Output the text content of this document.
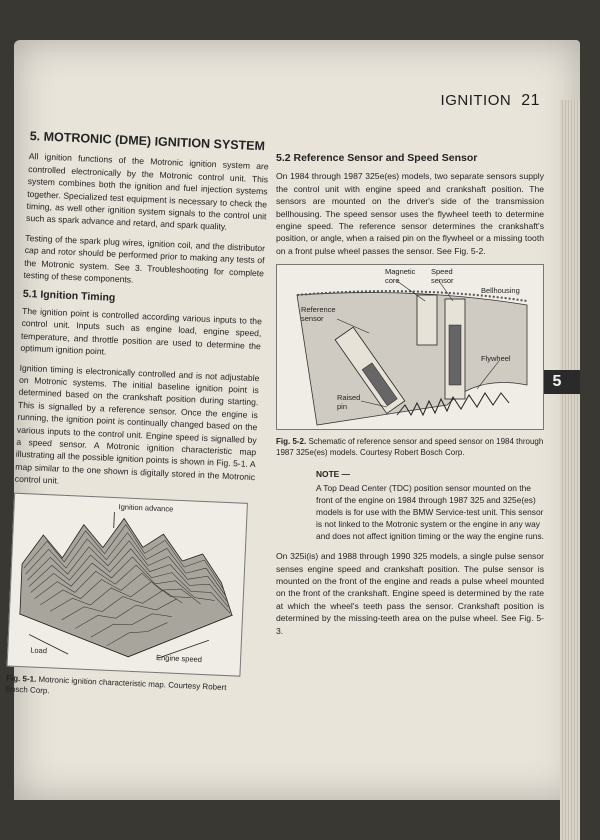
IGNITION 21
5
5. MOTRONIC (DME) IGNITION SYSTEM

All ignition functions of the Motronic ignition system are controlled electronically by the Motronic control unit. This system combines both the ignition and fuel injection systems together. Specialized test equipment is necessary to check the timing, as well other ignition system signals to the control unit such as spark advance and retard, and spark quality.

Testing of the spark plug wires, ignition coil, and the distributor cap and rotor should be performed prior to making any tests of the Motronic system. See 3. Troubleshooting for complete testing of these components.

5.1 Ignition Timing

The ignition point is controlled according various inputs to the control unit. Inputs such as engine load, engine speed, temperature, and throttle position are used to determine the optimum ignition point.

Ignition timing is electronically controlled and is not adjustable on Motronic systems. The initial baseline ignition point is determined based on the crankshaft position during starting. This is signalled by a reference sensor. Once the engine is running, the ignition point is continually changed based on the various inputs to the control unit. Engine speed is signalled by a speed sensor. A Motronic ignition characteristic map illustrating all the possible ignition points is shown in Fig. 5-1. A map similar to the one shown is digitally stored in the Motronic control unit.

Ignition advance
Load
Engine speed
Fig. 5-1. Motronic ignition characteristic map. Courtesy Robert Bosch Corp.
5.2 Reference Sensor and Speed Sensor

On 1984 through 1987 325e(es) models, two separate sensors supply the control unit with engine speed and crankshaft position. The sensors are mounted on the driver's side of the transmission bellhousing. The speed sensor uses the flywheel teeth to determine engine speed. The reference sensor determines the crankshaft's position, or angle, when a raised pin on the flywheel or a missing tooth on a front pulse wheel passes the sensor. See Fig. 5-2.

Magnetic core
Speed sensor
Bellhousing
Reference sensor
Flywheel
Raised pin
Fig. 5-2. Schematic of reference sensor and speed sensor on 1984 through 1987 325e(es) models. Courtesy Robert Bosch Corp.
NOTE —
A Top Dead Center (TDC) position sensor mounted on the front of the engine on 1984 through 1987 325 and 325e(es) models is for use with the BMW Service-test unit. This sensor is not linked to the Motronic system or the engine in any way and does not affect ignition timing or the way the engine runs.

On 325i(is) and 1988 through 1990 325 models, a single pulse sensor senses engine speed and crankshaft position. The pulse sensor is mounted on the front of the engine and reads a pulse wheel mounted on the front of the crankshaft. Engine speed is determined by the rate at which the wheel's teeth pass the sensor. Crankshaft position is determined by the missing-teeth area on the pulse wheel. See Fig. 5-3.
